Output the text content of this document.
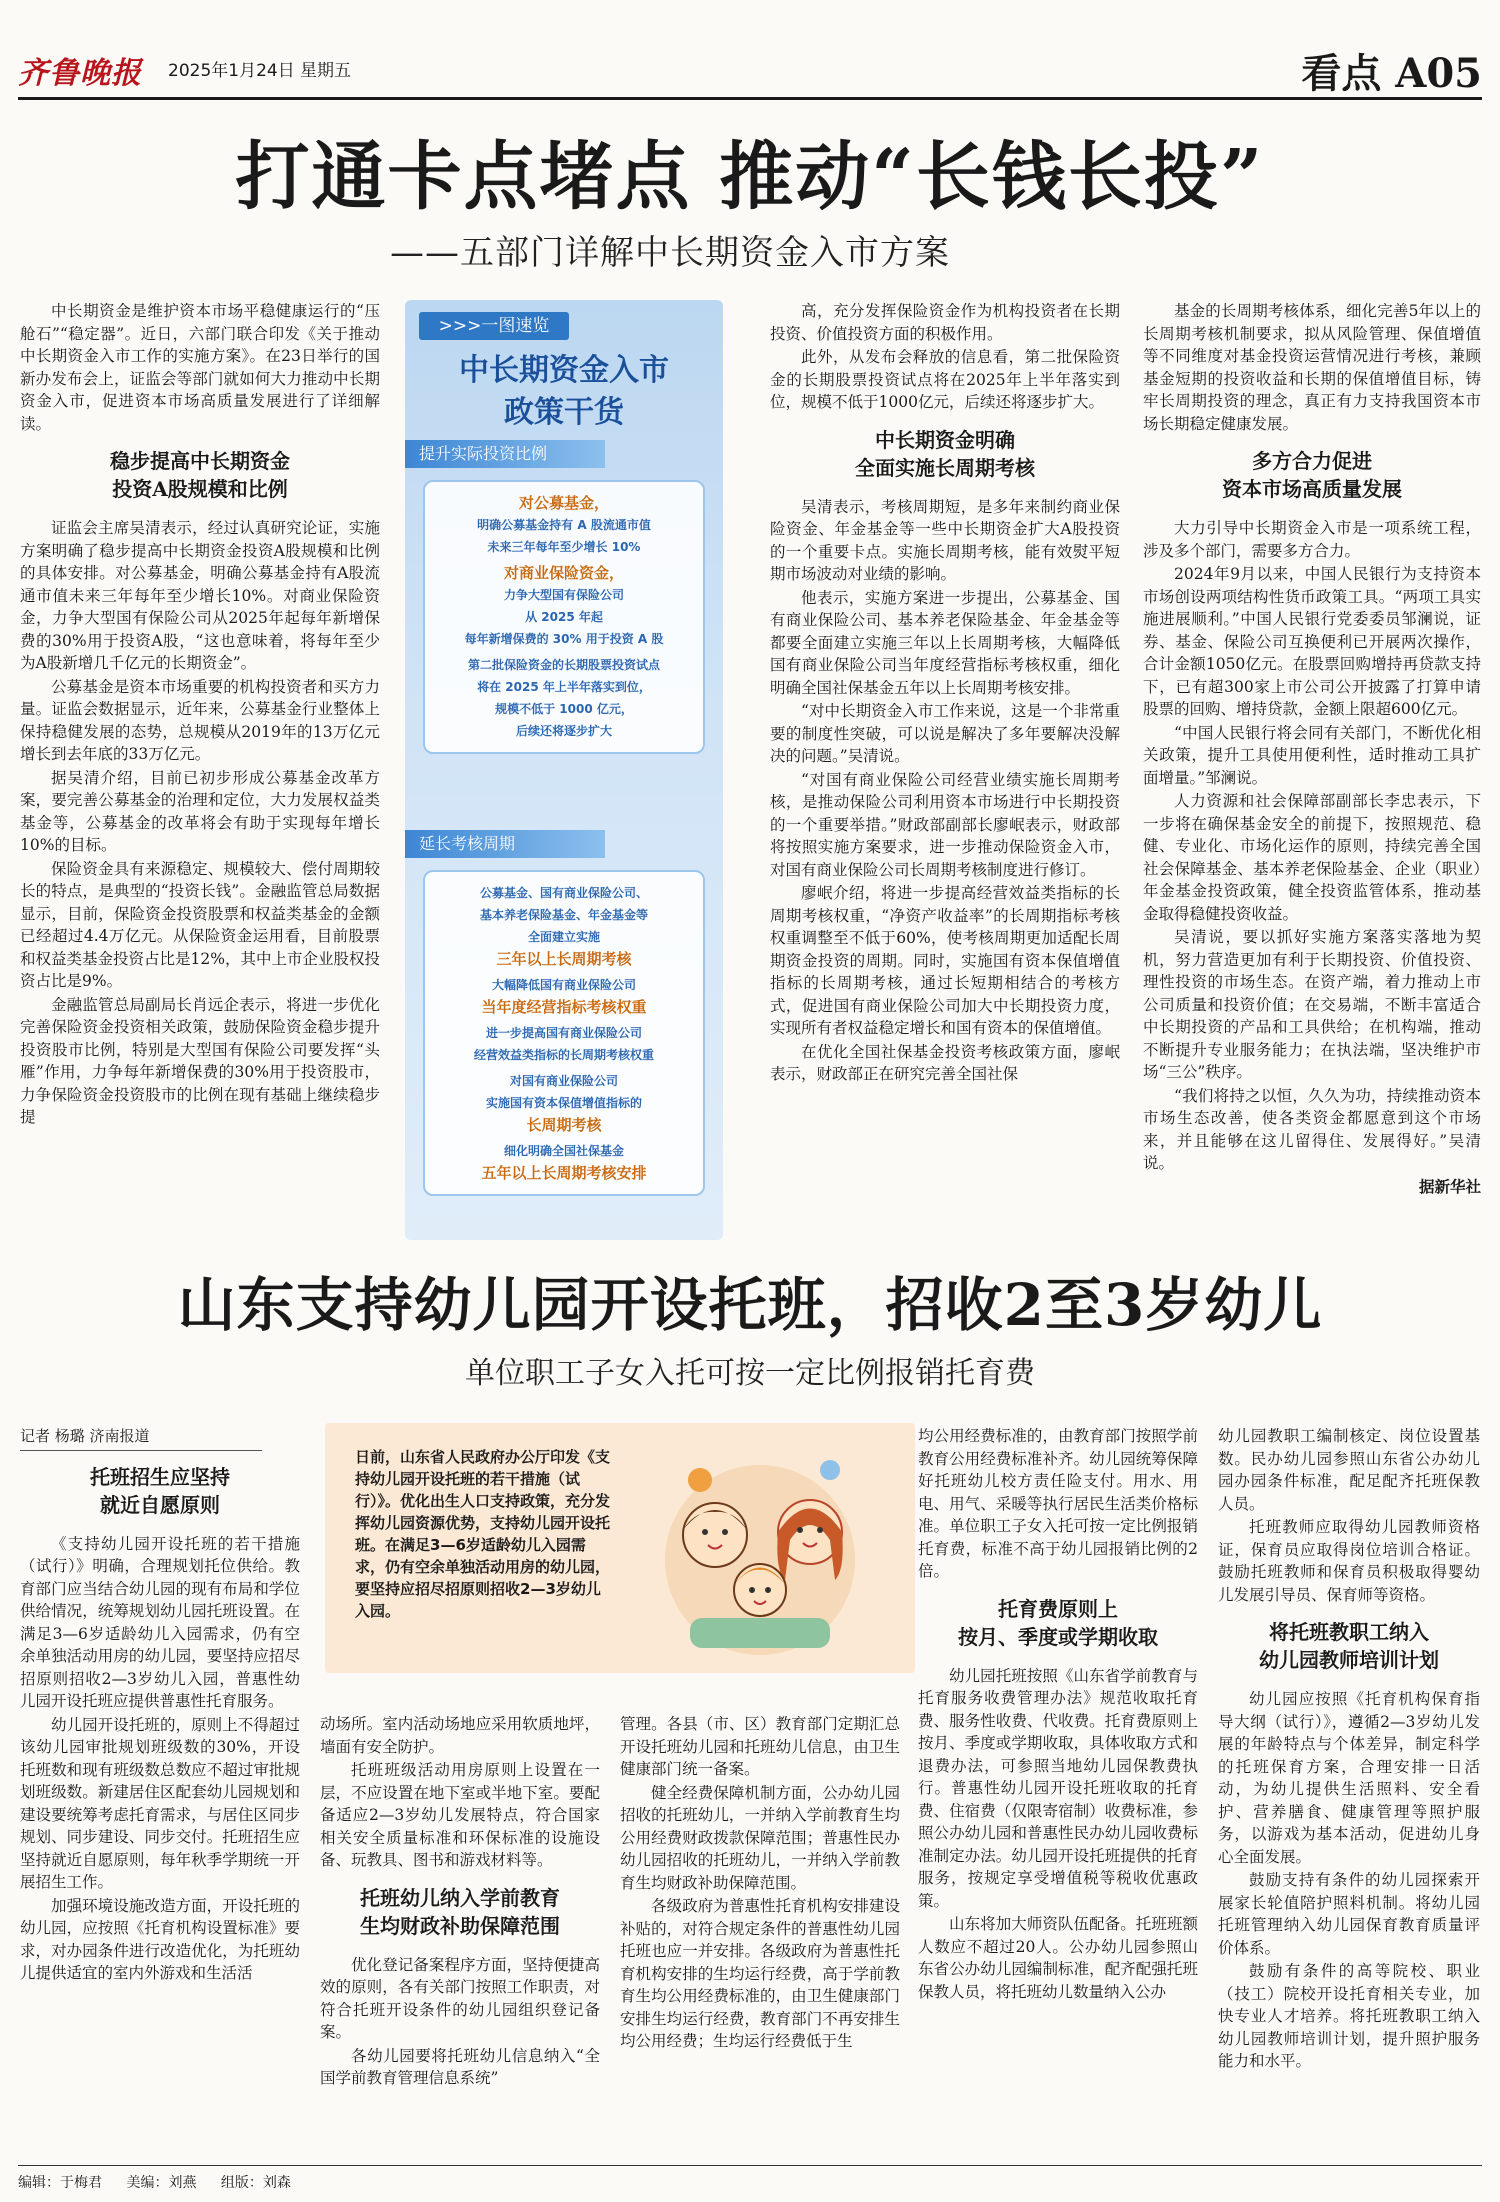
齐鲁晚报 2025年1月24日 星期五	看点 A05
打通卡点堵点 推动“长钱长投”
——五部门详解中长期资金入市方案

中长期资金是维护资本市场平稳健康运行的“压舱石”“稳定器”。近日，六部门联合印发《关于推动中长期资金入市工作的实施方案》。在23日举行的国新办发布会上，证监会等部门就如何大力推动中长期资金入市，促进资本市场高质量发展进行了详细解读。

稳步提高中长期资金
投资A股规模和比例

证监会主席吴清表示，经过认真研究论证，实施方案明确了稳步提高中长期资金投资A股规模和比例的具体安排。对公募基金，明确公募基金持有A股流通市值未来三年每年至少增长10%。对商业保险资金，力争大型国有保险公司从2025年起每年新增保费的30%用于投资A股，“这也意味着，将每年至少为A股新增几千亿元的长期资金”。

公募基金是资本市场重要的机构投资者和买方力量。证监会数据显示，近年来，公募基金行业整体上保持稳健发展的态势，总规模从2019年的13万亿元增长到去年底的33万亿元。

据吴清介绍，目前已初步形成公募基金改革方案，要完善公募基金的治理和定位，大力发展权益类基金等，公募基金的改革将会有助于实现每年增长10%的目标。

保险资金具有来源稳定、规模较大、偿付周期较长的特点，是典型的“投资长钱”。金融监管总局数据显示，目前，保险资金投资股票和权益类基金的金额已经超过4.4万亿元。从保险资金运用看，目前股票和权益类基金投资占比是12%，其中上市企业股权投资占比是9%。

金融监管总局副局长肖远企表示，将进一步优化完善保险资金投资相关政策，鼓励保险资金稳步提升投资股市比例，特别是大型国有保险公司要发挥“头雁”作用，力争每年新增保费的30%用于投资股市，力争保险资金投资股市的比例在现有基础上继续稳步提

>>>一图速览
中长期资金入市
政策干货
提升实际投资比例
对公募基金，
明确公募基金持有 A 股流通市值
未来三年每年至少增长 10%
对商业保险资金，
力争大型国有保险公司
从 2025 年起
每年新增保费的 30% 用于投资 A 股
第二批保险资金的长期股票投资试点
将在 2025 年上半年落实到位，
规模不低于 1000 亿元，
后续还将逐步扩大
延长考核周期
公募基金、国有商业保险公司、
基本养老保险基金、年金基金等
全面建立实施
三年以上长周期考核
大幅降低国有商业保险公司
当年度经营指标考核权重
进一步提高国有商业保险公司
经营效益类指标的长周期考核权重
对国有商业保险公司
实施国有资本保值增值指标的
长周期考核
细化明确全国社保基金
五年以上长周期考核安排

高，充分发挥保险资金作为机构投资者在长期投资、价值投资方面的积极作用。

此外，从发布会释放的信息看，第二批保险资金的长期股票投资试点将在2025年上半年落实到位，规模不低于1000亿元，后续还将逐步扩大。

中长期资金明确
全面实施长周期考核

吴清表示，考核周期短，是多年来制约商业保险资金、年金基金等一些中长期资金扩大A股投资的一个重要卡点。实施长周期考核，能有效熨平短期市场波动对业绩的影响。

他表示，实施方案进一步提出，公募基金、国有商业保险公司、基本养老保险基金、年金基金等都要全面建立实施三年以上长周期考核，大幅降低国有商业保险公司当年度经营指标考核权重，细化明确全国社保基金五年以上长周期考核安排。

“对中长期资金入市工作来说，这是一个非常重要的制度性突破，可以说是解决了多年要解决没解决的问题。”吴清说。

“对国有商业保险公司经营业绩实施长周期考核，是推动保险公司利用资本市场进行中长期投资的一个重要举措。”财政部副部长廖岷表示，财政部将按照实施方案要求，进一步推动保险资金入市，对国有商业保险公司长周期考核制度进行修订。

廖岷介绍，将进一步提高经营效益类指标的长周期考核权重，“净资产收益率”的长周期指标考核权重调整至不低于60%，使考核周期更加适配长周期资金投资的周期。同时，实施国有资本保值增值指标的长周期考核，通过长短期相结合的考核方式，促进国有商业保险公司加大中长期投资力度，实现所有者权益稳定增长和国有资本的保值增值。

在优化全国社保基金投资考核政策方面，廖岷表示，财政部正在研究完善全国社保

基金的长周期考核体系，细化完善5年以上的长周期考核机制要求，拟从风险管理、保值增值等不同维度对基金投资运营情况进行考核，兼顾基金短期的投资收益和长期的保值增值目标，铸牢长周期投资的理念，真正有力支持我国资本市场长期稳定健康发展。

多方合力促进
资本市场高质量发展

大力引导中长期资金入市是一项系统工程，涉及多个部门，需要多方合力。

2024年9月以来，中国人民银行为支持资本市场创设两项结构性货币政策工具。“两项工具实施进展顺利。”中国人民银行党委委员邹澜说，证券、基金、保险公司互换便利已开展两次操作，合计金额1050亿元。在股票回购增持再贷款支持下，已有超300家上市公司公开披露了打算申请股票的回购、增持贷款，金额上限超600亿元。

“中国人民银行将会同有关部门，不断优化相关政策，提升工具使用便利性，适时推动工具扩面增量。”邹澜说。

人力资源和社会保障部副部长李忠表示，下一步将在确保基金安全的前提下，按照规范、稳健、专业化、市场化运作的原则，持续完善全国社会保障基金、基本养老保险基金、企业（职业）年金基金投资政策，健全投资监管体系，推动基金取得稳健投资收益。

吴清说，要以抓好实施方案落实落地为契机，努力营造更加有利于长期投资、价值投资、理性投资的市场生态。在资产端，着力推动上市公司质量和投资价值；在交易端，不断丰富适合中长期投资的产品和工具供给；在机构端，推动不断提升专业服务能力；在执法端，坚决维护市场“三公”秩序。

“我们将持之以恒，久久为功，持续推动资本市场生态改善，使各类资金都愿意到这个市场来，并且能够在这儿留得住、发展得好。”吴清说。

据新华社

山东支持幼儿园开设托班，招收2至3岁幼儿
单位职工子女入托可按一定比例报销托育费
日前，山东省人民政府办公厅印发《支持幼儿园开设托班的若干措施（试行）》。优化出生人口支持政策，充分发挥幼儿园资源优势，支持幼儿园开设托班。在满足3—6岁适龄幼儿入园需求，仍有空余单独活动用房的幼儿园，要坚持应招尽招原则招收2—3岁幼儿入园。

记者 杨璐 济南报道

托班招生应坚持
就近自愿原则

《支持幼儿园开设托班的若干措施（试行）》明确，合理规划托位供给。教育部门应当结合幼儿园的现有布局和学位供给情况，统筹规划幼儿园托班设置。在满足3—6岁适龄幼儿入园需求，仍有空余单独活动用房的幼儿园，要坚持应招尽招原则招收2—3岁幼儿入园，普惠性幼儿园开设托班应提供普惠性托育服务。

幼儿园开设托班的，原则上不得超过该幼儿园审批规划班级数的30%，开设托班数和现有班级数总数应不超过审批规划班级数。新建居住区配套幼儿园规划和建设要统筹考虑托育需求，与居住区同步规划、同步建设、同步交付。托班招生应坚持就近自愿原则，每年秋季学期统一开展招生工作。

加强环境设施改造方面，开设托班的幼儿园，应按照《托育机构设置标准》要求，对办园条件进行改造优化，为托班幼儿提供适宜的室内外游戏和生活活

动场所。室内活动场地应采用软质地坪，墙面有安全防护。

托班班级活动用房原则上设置在一层，不应设置在地下室或半地下室。要配备适应2—3岁幼儿发展特点，符合国家相关安全质量标准和环保标准的设施设备、玩教具、图书和游戏材料等。

托班幼儿纳入学前教育
生均财政补助保障范围

优化登记备案程序方面，坚持便捷高效的原则，各有关部门按照工作职责，对符合托班开设条件的幼儿园组织登记备案。

各幼儿园要将托班幼儿信息纳入“全国学前教育管理信息系统”

管理。各县（市、区）教育部门定期汇总开设托班幼儿园和托班幼儿信息，由卫生健康部门统一备案。

健全经费保障机制方面，公办幼儿园招收的托班幼儿，一并纳入学前教育生均公用经费财政拨款保障范围；普惠性民办幼儿园招收的托班幼儿，一并纳入学前教育生均财政补助保障范围。

各级政府为普惠性托育机构安排建设补贴的，对符合规定条件的普惠性幼儿园托班也应一并安排。各级政府为普惠性托育机构安排的生均运行经费，高于学前教育生均公用经费标准的，由卫生健康部门安排生均运行经费，教育部门不再安排生均公用经费；生均运行经费低于生

均公用经费标准的，由教育部门按照学前教育公用经费标准补齐。幼儿园统筹保障好托班幼儿校方责任险支付。用水、用电、用气、采暖等执行居民生活类价格标准。单位职工子女入托可按一定比例报销托育费，标准不高于幼儿园报销比例的2倍。

托育费原则上
按月、季度或学期收取

幼儿园托班按照《山东省学前教育与托育服务收费管理办法》规范收取托育费、服务性收费、代收费。托育费原则上按月、季度或学期收取，具体收取方式和退费办法，可参照当地幼儿园保教费执行。普惠性幼儿园开设托班收取的托育费、住宿费（仅限寄宿制）收费标准，参照公办幼儿园和普惠性民办幼儿园收费标准制定办法。幼儿园开设托班提供的托育服务，按规定享受增值税等税收优惠政策。

山东将加大师资队伍配备。托班班额人数应不超过20人。公办幼儿园参照山东省公办幼儿园编制标准，配齐配强托班保教人员，将托班幼儿数量纳入公办

幼儿园教职工编制核定、岗位设置基数。民办幼儿园参照山东省公办幼儿园办园条件标准，配足配齐托班保教人员。

托班教师应取得幼儿园教师资格证，保育员应取得岗位培训合格证。鼓励托班教师和保育员积极取得婴幼儿发展引导员、保育师等资格。

将托班教职工纳入
幼儿园教师培训计划

幼儿园应按照《托育机构保育指导大纲（试行）》，遵循2—3岁幼儿发展的年龄特点与个体差异，制定科学的托班保育方案，合理安排一日活动，为幼儿提供生活照料、安全看护、营养膳食、健康管理等照护服务，以游戏为基本活动，促进幼儿身心全面发展。

鼓励支持有条件的幼儿园探索开展家长轮值陪护照料机制。将幼儿园托班管理纳入幼儿园保育教育质量评价体系。

鼓励有条件的高等院校、职业（技工）院校开设托育相关专业，加快专业人才培养。将托班教职工纳入幼儿园教师培训计划，提升照护服务能力和水平。

编辑：于梅君 美编：刘燕 组版：刘森
